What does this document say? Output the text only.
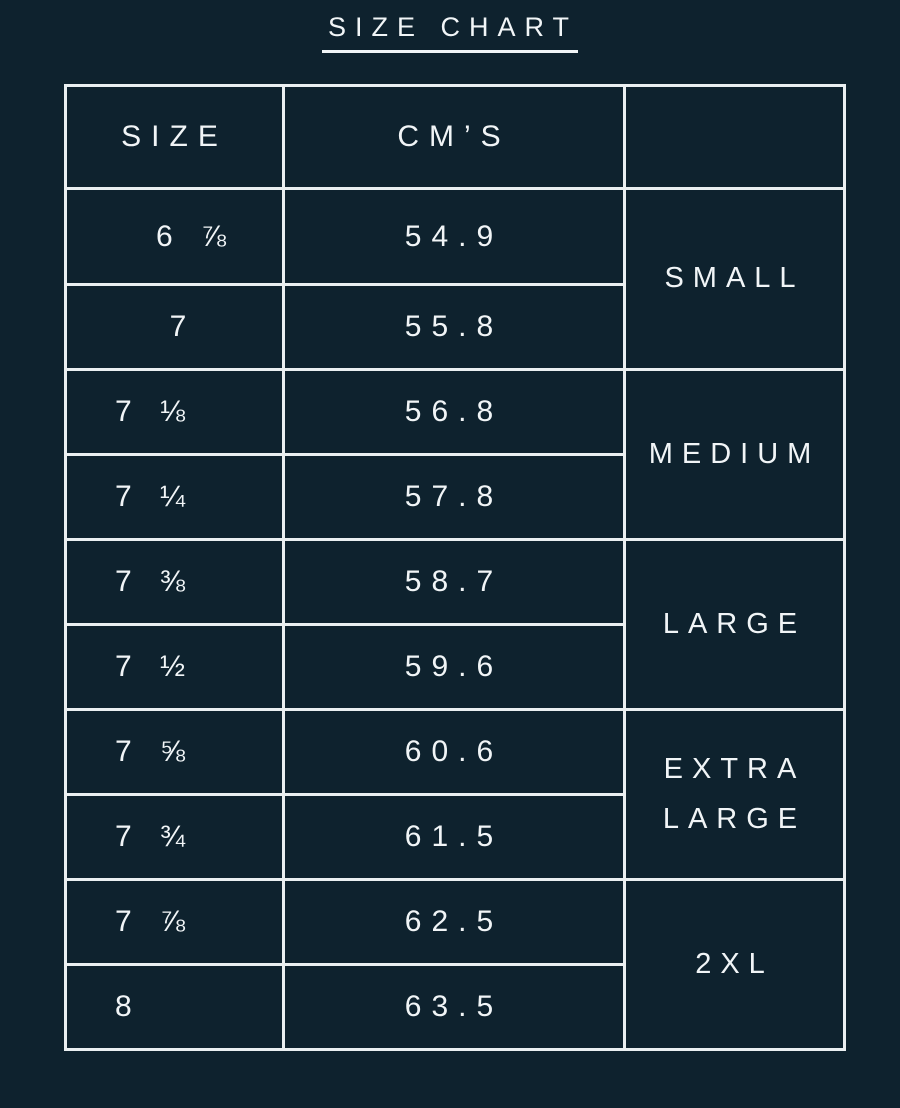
SIZE CHART
SIZE	CM’S	
6 ⅞	54.9	SMALL
7	55.8	
7 ⅛	56.8	MEDIUM
7 ¼	57.8	
7 ⅜	58.7	LARGE
7 ½	59.6	
7 ⅝	60.6	EXTRA LARGE
7 ¾	61.5	
7 ⅞	62.5	2XL
8	63.5	
